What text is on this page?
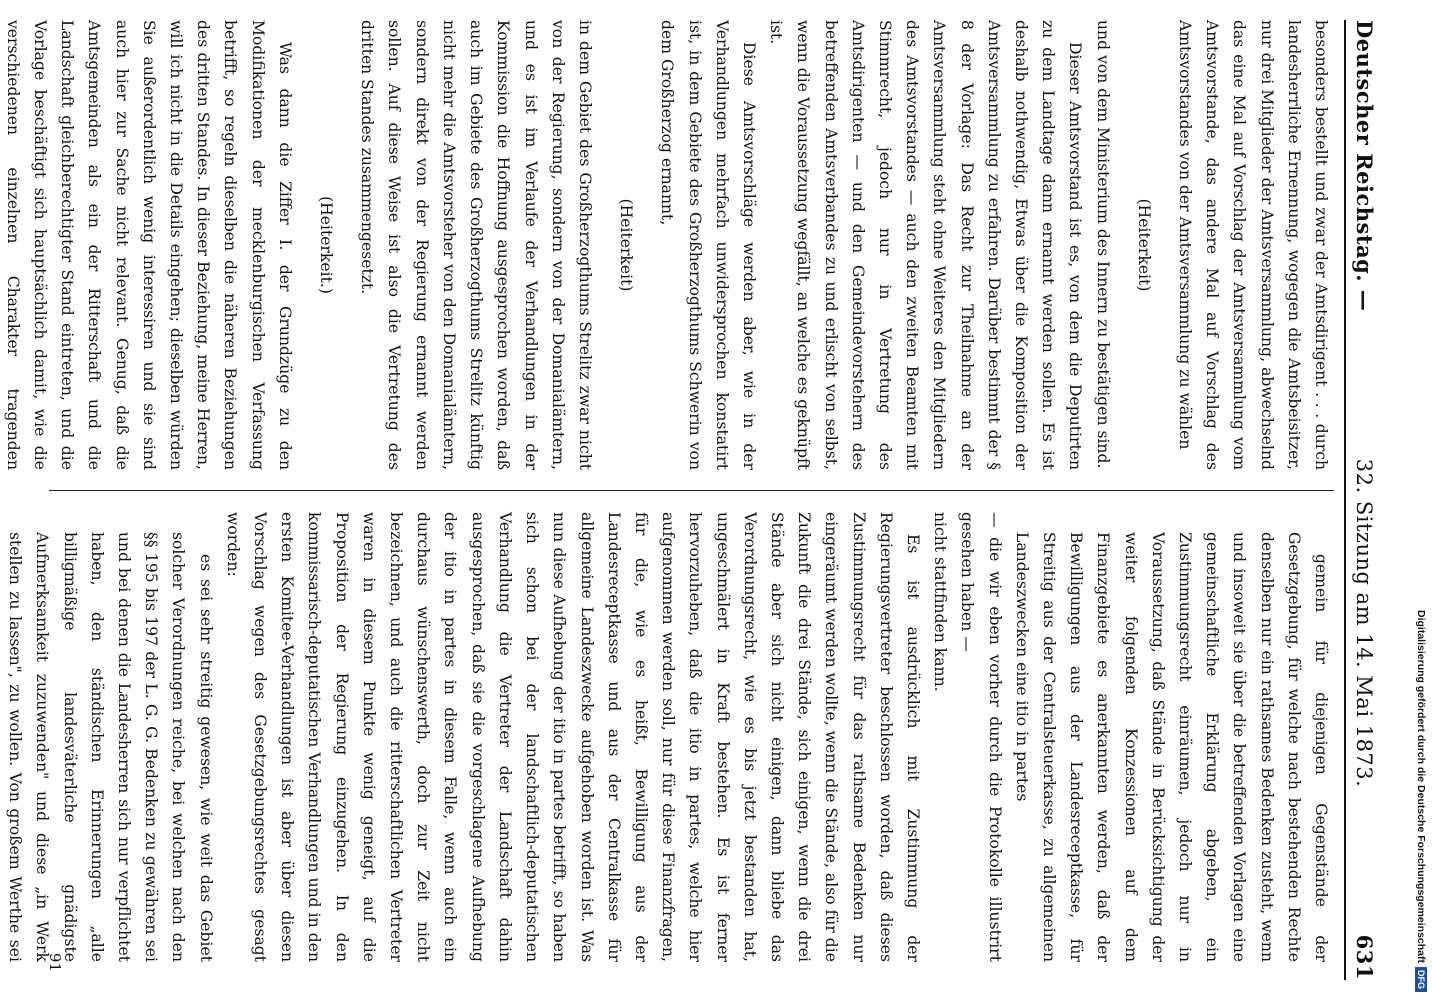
Deutscher Reichstag. —
32. Sitzung am 14. Mai 1873.
631

besonders bestellt und zwar der Amtsdirigent . . . durch landesherrliche Ernennung, wogegen die Amtsbeisitzer, nur drei Mitglieder der Amtsversammlung, abwechselnd das eine Mal auf Vorschlag der Amtsversammlung vom Amtsvorstande, das andere Mal auf Vorschlag des Amtsvorstandes von der Amtsversammlung zu wählen

(Heiterkeit)

und von dem Ministerium des Innern zu bestätigen sind.

Dieser Amtsvorstand ist es, von dem die Deputirten zu dem Landtage dann ernannt werden sollen. Es ist deshalb nothwendig, Etwas über die Komposition der Amtsversammlung zu erfahren. Darüber bestimmt der § 8 der Vorlage: Das Recht zur Theilnahme an der Amtsversammlung steht ohne Weiteres den Mitgliedern des Amtsvorstandes — auch den zweiten Beamten mit Stimmrecht, jedoch nur in Vertretung des Amtsdirigenten — und den Gemeindevorstehern des betreffenden Amtsverbandes zu und erlischt von selbst, wenn die Voraussetzung wegfällt, an welche es geknüpft ist.

Diese Amtsvorschläge werden aber, wie in der Verhandlungen mehrfach unwidersprochen konstatirt ist, in dem Gebiete des Großherzogthums Schwerin von dem Großherzog ernannt,

(Heiterkeit)

in dem Gebiet des Großherzogthums Strelitz zwar nicht von der Regierung, sondern von der Domanialämtern, und es ist im Verlaufe der Verhandlungen in der Kommission die Hoffnung ausgesprochen worden, daß auch im Gebiete des Großherzogthums Strelitz künftig nicht mehr die Amtsvorsteher von den Domanialämtern, sondern direkt von der Regierung ernannt werden sollen. Auf diese Weise ist also die Vertretung des dritten Standes zusammengesetzt.

(Heiterkeit.)

Was dann die Ziffer I. der Grundzüge zu den Modifikationen der mecklenburgischen Verfassung betrifft, so regeln dieselben die näheren Beziehungen des dritten Standes. In dieser Beziehung, meine Herren, will ich nicht in die Details eingehen; dieselben würden Sie außerordentlich wenig interessiren und sie sind auch hier zur Sache nicht relevant. Genug, daß die Amtsgemeinden als ein der Ritterschaft und die Landschaft gleichberechtigter Stand eintreten, und die Vorlage beschäftigt sich hauptsächlich damit, wie die verschiedenen einzelnen Charakter tragenden

gemein für diejenigen Gegenstände der Gesetzgebung, für welche nach bestehenden Rechte denselben nur ein rathsames Bedenken zusteht, wenn und insoweit sie über die betreffenden Vorlagen eine gemeinschaftliche Erklärung abgeben, ein Zustimmungsrecht einräumen, jedoch nur in Voraussetzung, daß Stände in Berücksichtigung der weiter folgenden Konzessionen auf dem Finanzgebiete es anerkannten werden, daß der Bewilligungen aus der Landesreceptkasse, für Streitig aus der Centralsteuerkasse, zu allgemeinen Landeszwecken eine itio in partes

— die wir eben vorher durch die Protokolle illustrirt gesehen haben —

nicht stattfinden kann.

Es ist ausdrücklich mit Zustimmung der Regierungsvertreter beschlossen worden, daß dieses Zustimmungsrecht für das rathsame Bedenken nur eingeräumt werden wollte, wenn die Stände, also für die Zukunft die drei Stände, sich einigen, wenn die drei Stände aber sich nicht einigen, dann bliebe das Verordnungsrecht, wie es bis jetzt bestanden hat, ungeschmälert in Kraft bestehen. Es ist ferner hervorzuheben, daß die itio in partes, welche hier aufgenommen werden soll, nur für diese Finanzfragen, für die, wie es heißt, Bewilligung aus der Landesreceptkasse und aus der Centralkasse für allgemeine Landeszwecke aufgehoben worden ist. Was nun diese Aufhebung der itio in partes betrifft, so haben sich schon bei der landschaftlich-deputatischen Verhandlung die Vertreter der Landschaft dahin ausgesprochen, daß sie die vorgeschlagene Aufhebung der itio in partes in diesem Falle, wenn auch ein durchaus wünschenswerth, doch zur Zeit nicht bezeichnen, und auch die ritterschaftlichen Vertreter waren in diesem Punkte wenig geneigt, auf die Proposition der Regierung einzugehen. In den kommissarisch-deputatischen Verhandlungen und in den ersten Komitee-Verhandlungen ist aber über diesen Vorschlag wegen des Gesetzgebungsrechtes gesagt worden:

es sei sehr streitig gewesen, wie weit das Gebiet solcher Verordnungen reiche, bei welchen nach den §§ 195 bis 197 der L. G. G. Bedenken zu gewähren sei und bei denen die Landesherren sich nur verpflichtet haben, den ständischen Erinnerungen „alle billigmäßige landesväterliche gnädigste Aufmerksamkeit zuzuwenden" und diese „in Werk stellen zu lassen", zu wollen. Von großem Werthe sei

91	Digitalisierung gefördert durch die Deutsche Forschungsgemeinschaft
DFG
